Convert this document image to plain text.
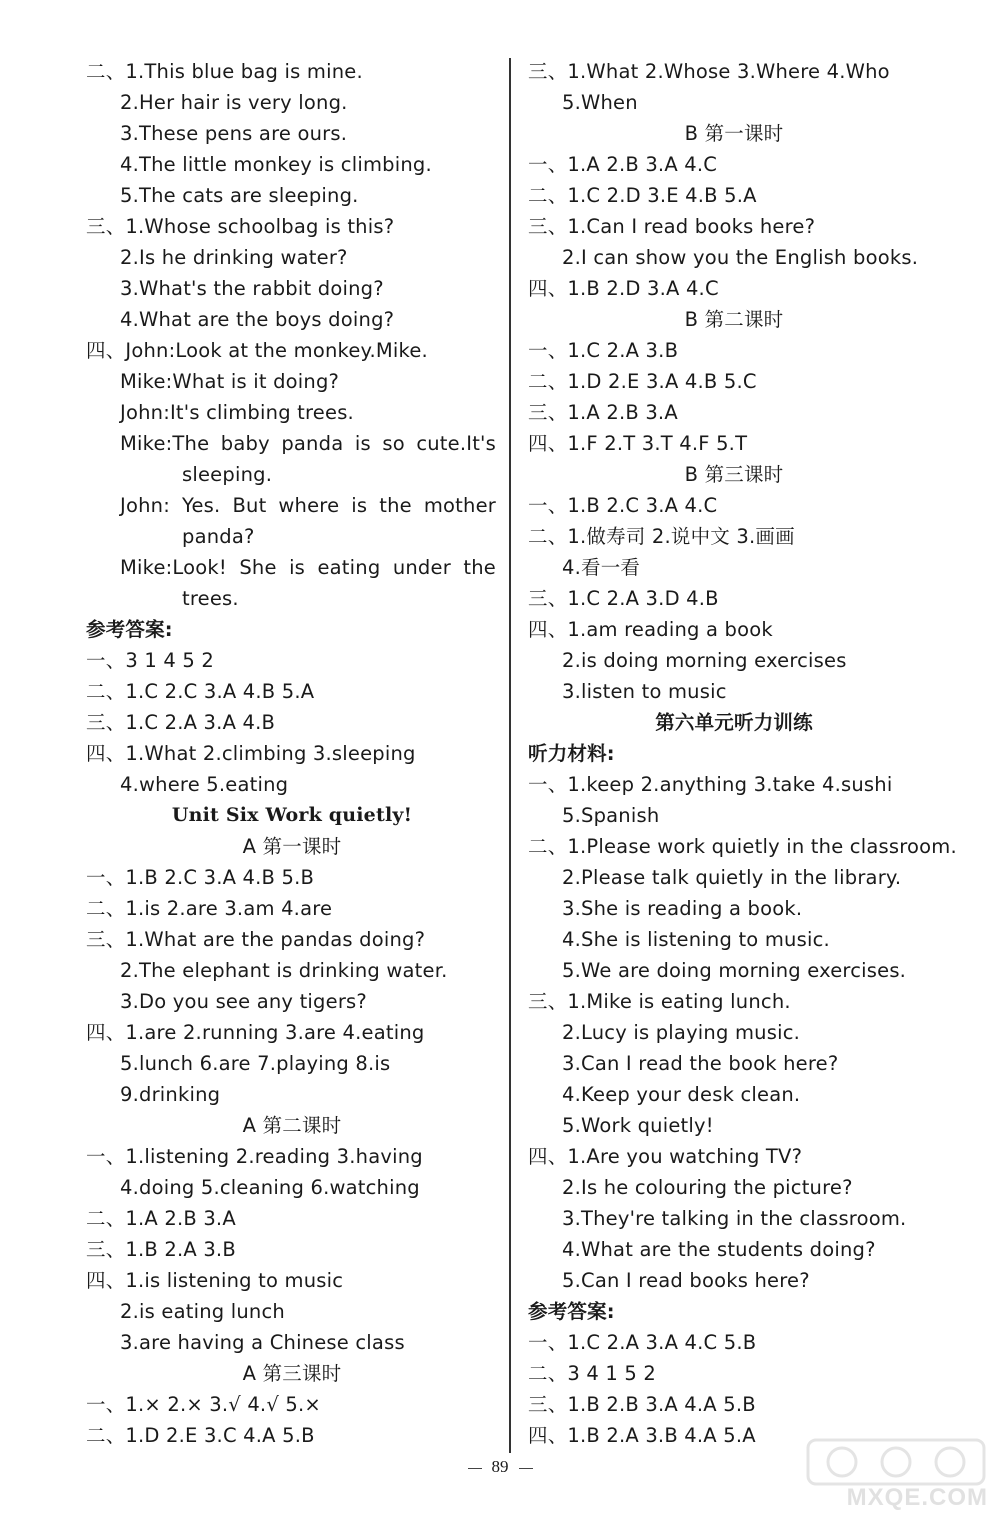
二、1.This blue bag is mine.
2.Her hair is very long.
3.These pens are ours.
4.The little monkey is climbing.
5.The cats are sleeping.
三、1.Whose schoolbag is this?
2.Is he drinking water?
3.What's the rabbit doing?
4.What are the boys doing?
四、John:Look at the monkey.Mike.
Mike:What is it doing?
John:It's climbing trees.
Mike:The baby panda is so cute.It's
sleeping.
John: Yes. But where is the mother
panda?
Mike:Look! She is eating under the
trees.
参考答案:
一、3 1 4 5 2
二、1.C 2.C 3.A 4.B 5.A
三、1.C 2.A 3.A 4.B
四、1.What 2.climbing 3.sleeping
4.where 5.eating
Unit Six Work quietly!
A 第一课时
一、1.B 2.C 3.A 4.B 5.B
二、1.is 2.are 3.am 4.are
三、1.What are the pandas doing?
2.The elephant is drinking water.
3.Do you see any tigers?
四、1.are 2.running 3.are 4.eating
5.lunch 6.are 7.playing 8.is
9.drinking
A 第二课时
一、1.listening 2.reading 3.having
4.doing 5.cleaning 6.watching
二、1.A 2.B 3.A
三、1.B 2.A 3.B
四、1.is listening to music
2.is eating lunch
3.are having a Chinese class
A 第三课时
一、1.× 2.× 3.√ 4.√ 5.×
二、1.D 2.E 3.C 4.A 5.B
三、1.What 2.Whose 3.Where 4.Who
5.When
B 第一课时
一、1.A 2.B 3.A 4.C
二、1.C 2.D 3.E 4.B 5.A
三、1.Can I read books here?
2.I can show you the English books.
四、1.B 2.D 3.A 4.C
B 第二课时
一、1.C 2.A 3.B
二、1.D 2.E 3.A 4.B 5.C
三、1.A 2.B 3.A
四、1.F 2.T 3.T 4.F 5.T
B 第三课时
一、1.B 2.C 3.A 4.C
二、1.做寿司 2.说中文 3.画画
4.看一看
三、1.C 2.A 3.D 4.B
四、1.am reading a book
2.is doing morning exercises
3.listen to music
第六单元听力训练
听力材料:
一、1.keep 2.anything 3.take 4.sushi
5.Spanish
二、1.Please work quietly in the classroom.
2.Please talk quietly in the library.
3.She is reading a book.
4.She is listening to music.
5.We are doing morning exercises.
三、1.Mike is eating lunch.
2.Lucy is playing music.
3.Can I read the book here?
4.Keep your desk clean.
5.Work quietly!
四、1.Are you watching TV?
2.Is he colouring the picture?
3.They're talking in the classroom.
4.What are the students doing?
5.Can I read books here?
参考答案:
一、1.C 2.A 3.A 4.C 5.B
二、3 4 1 5 2
三、1.B 2.B 3.A 4.A 5.B
四、1.B 2.A 3.B 4.A 5.A
89
MXQE.COM
